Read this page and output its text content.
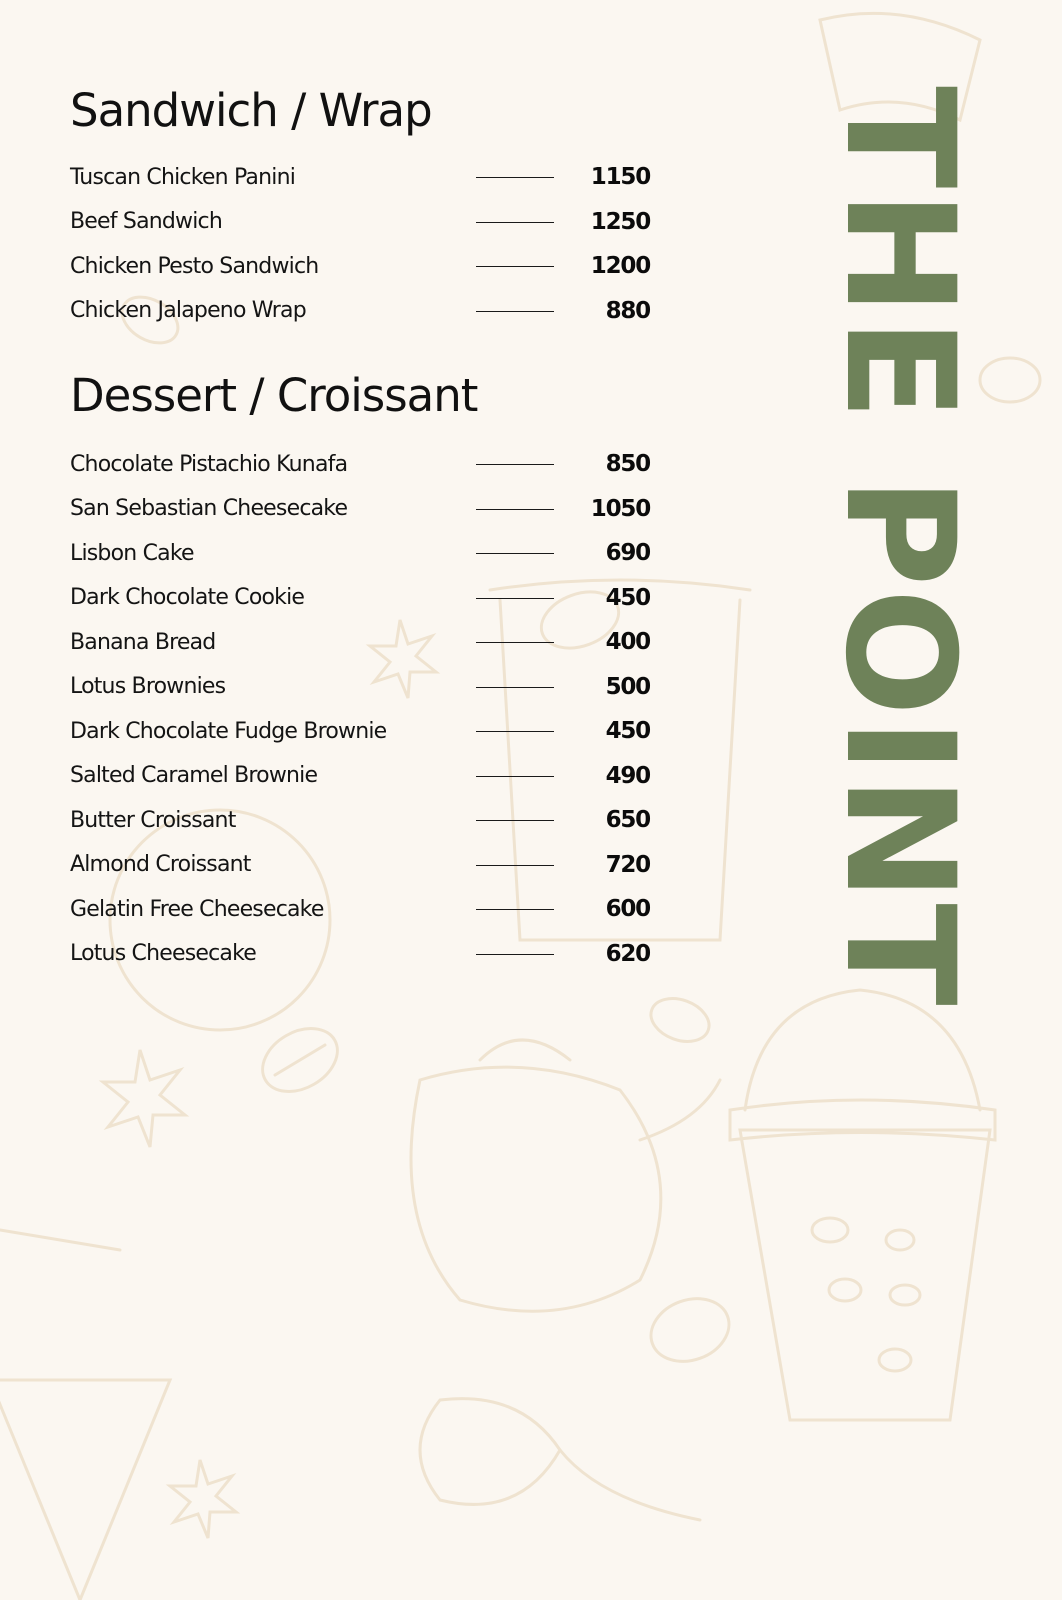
Sandwich / Wrap
Tuscan Chicken Panini	1150
Beef Sandwich	1250
Chicken Pesto Sandwich	1200
Chicken Jalapeno Wrap	880
Dessert / Croissant
Chocolate Pistachio Kunafa	850
San Sebastian Cheesecake	1050
Lisbon Cake	690
Dark Chocolate Cookie	450
Banana Bread	400
Lotus Brownies	500
Dark Chocolate Fudge Brownie	450
Salted Caramel Brownie	490
Butter Croissant	650
Almond Croissant	720
Gelatin Free Cheesecake	600
Lotus Cheesecake	620 THE POINT
